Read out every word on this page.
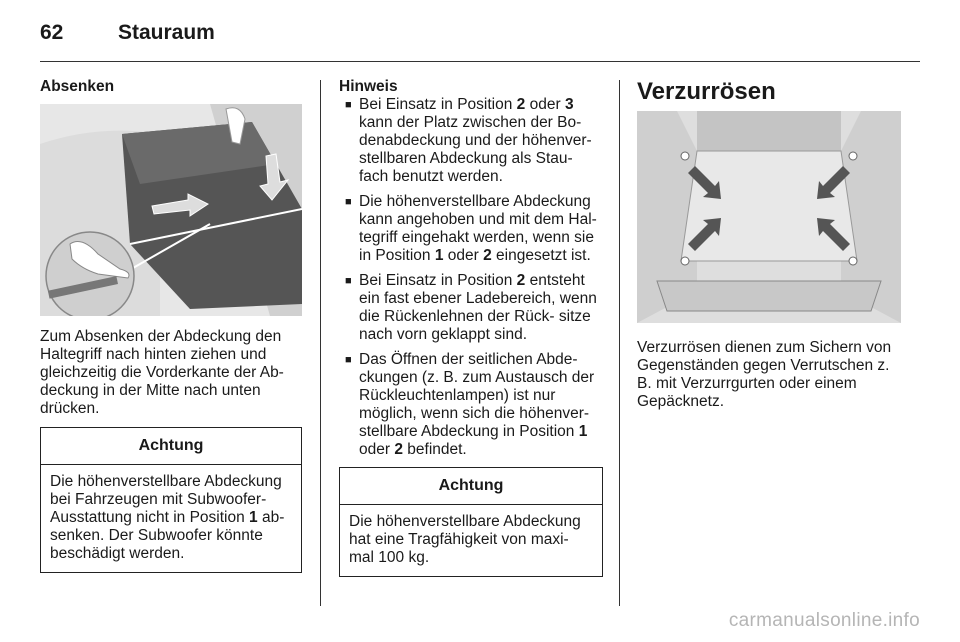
62	Stauraum

Absenken

Zum Absenken der Abdeckung den Haltegriff nach hinten ziehen und gleichzeitig die Vorderkante der Ab- deckung in der Mitte nach unten drücken.

Achtung
Die höhenverstellbare Abdeckung bei Fahrzeugen mit Subwoofer- Ausstattung nicht in Position 1 ab- senken. Der Subwoofer könnte beschädigt werden.

Hinweis

■ Bei Einsatz in Position 2 oder 3 kann der Platz zwischen der Bo- denabdeckung und der höhenver- stellbaren Abdeckung als Stau- fach benutzt werden.
■ Die höhenverstellbare Abdeckung kann angehoben und mit dem Hal- tegriff eingehakt werden, wenn sie in Position 1 oder 2 eingesetzt ist.
■ Bei Einsatz in Position 2 entsteht ein fast ebener Ladebereich, wenn die Rückenlehnen der Rück- sitze nach vorn geklappt sind.
■ Das Öffnen der seitlichen Abde- ckungen (z. B. zum Austausch der Rückleuchtenlampen) ist nur möglich, wenn sich die höhenver- stellbare Abdeckung in Position 1 oder 2 befindet.
Achtung
Die höhenverstellbare Abdeckung hat eine Tragfähigkeit von maxi- mal 100 kg.

Verzurrösen

Verzurrösen dienen zum Sichern von Gegenständen gegen Verrutschen z. B. mit Verzurrgurten oder einem Gepäcknetz.

carmanualsonline.info
